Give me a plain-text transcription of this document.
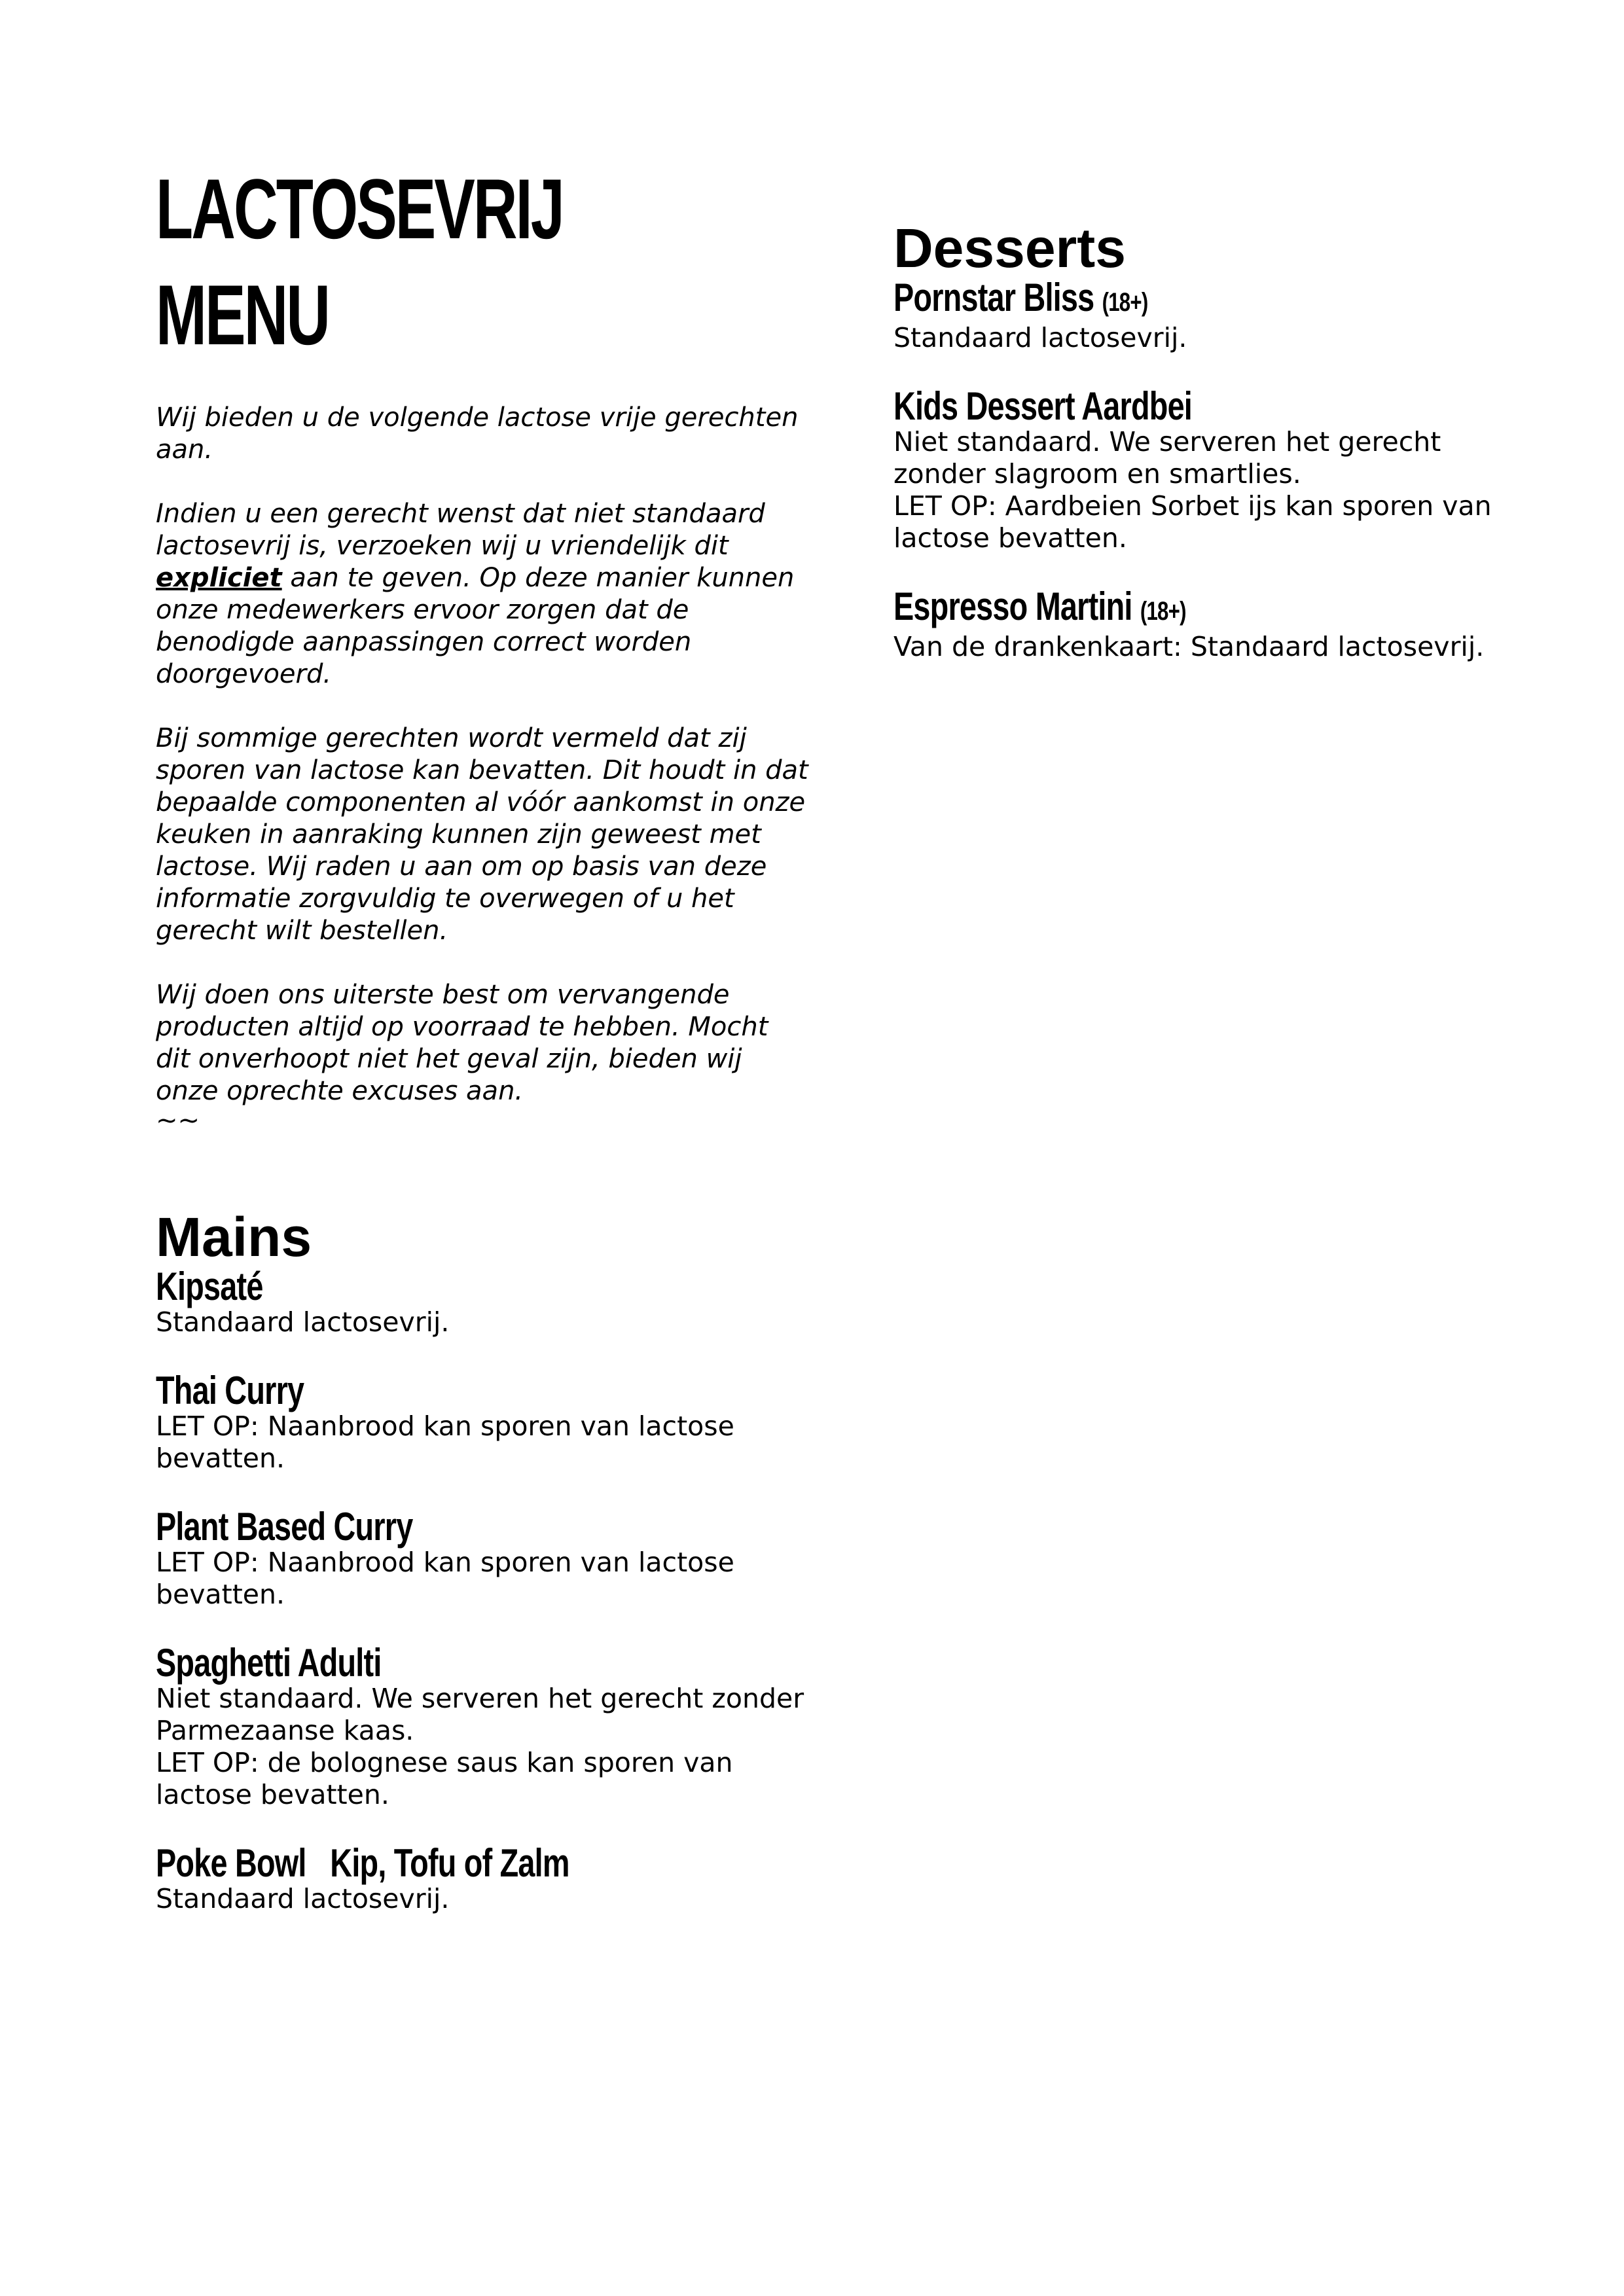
LACTOSEVRIJ

MENU

Wij bieden u de volgende lactose vrije gerechten aan.

Indien u een gerecht wenst dat niet standaard lactosevrij is, verzoeken wij u vriendelijk dit expliciet aan te geven. Op deze manier kunnen onze medewerkers ervoor zorgen dat de benodigde aanpassingen correct worden doorgevoerd.

Bij sommige gerechten wordt vermeld dat zij sporen van lactose kan bevatten. Dit houdt in dat bepaalde componenten al vóór aankomst in onze keuken in aanraking kunnen zijn geweest met lactose. Wij raden u aan om op basis van deze informatie zorgvuldig te overwegen of u het gerecht wilt bestellen.

Wij doen ons uiterste best om vervangende producten altijd op voorraad te hebben. Mocht dit onverhoopt niet het geval zijn, bieden wij onze oprechte excuses aan.

~~

Mains

Kipsaté

Standaard lactosevrij.

Thai Curry

LET OP: Naanbrood kan sporen van lactose bevatten.

Plant Based Curry

LET OP: Naanbrood kan sporen van lactose bevatten.

Spaghetti Adulti

Niet standaard. We serveren het gerecht zonder Parmezaanse kaas.
LET OP: de bolognese saus kan sporen van lactose bevatten.

Poke Bowl   Kip, Tofu of Zalm

Standaard lactosevrij.

Desserts

Pornstar Bliss (18+)

Standaard lactosevrij.

Kids Dessert Aardbei

Niet standaard. We serveren het gerecht zonder slagroom en smartlies.
LET OP: Aardbeien Sorbet ijs kan sporen van lactose bevatten.

Espresso Martini (18+)

Van de drankenkaart: Standaard lactosevrij.
